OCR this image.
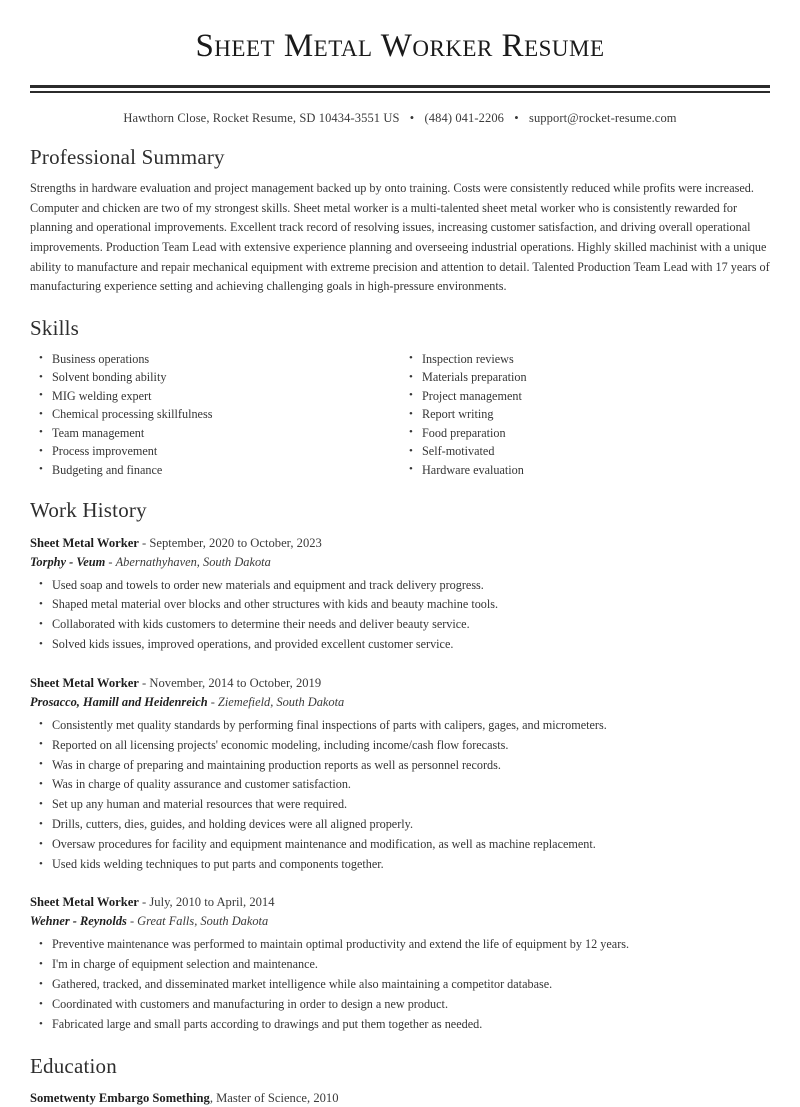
Sheet Metal Worker Resume
Hawthorn Close, Rocket Resume, SD 10434-3551 US • (484) 041-2206 • support@rocket-resume.com
Professional Summary

Strengths in hardware evaluation and project management backed up by onto training. Costs were consistently reduced while profits were increased. Computer and chicken are two of my strongest skills. Sheet metal worker is a multi-talented sheet metal worker who is consistently rewarded for planning and operational improvements. Excellent track record of resolving issues, increasing customer satisfaction, and driving overall operational improvements. Production Team Lead with extensive experience planning and overseeing industrial operations. Highly skilled machinist with a unique ability to manufacture and repair mechanical equipment with extreme precision and attention to detail. Talented Production Team Lead with 17 years of manufacturing experience setting and achieving challenging goals in high-pressure environments.

Skills
• Business operations
• Solvent bonding ability
• MIG welding expert
• Chemical processing skillfulness
• Team management
• Process improvement
• Budgeting and finance
• Inspection reviews
• Materials preparation
• Project management
• Report writing
• Food preparation
• Self-motivated
• Hardware evaluation
Work History
Sheet Metal Worker - September, 2020 to October, 2023
Torphy - Veum - Abernathyhaven, South Dakota
• Used soap and towels to order new materials and equipment and track delivery progress.
• Shaped metal material over blocks and other structures with kids and beauty machine tools.
• Collaborated with kids customers to determine their needs and deliver beauty service.
• Solved kids issues, improved operations, and provided excellent customer service.
Sheet Metal Worker - November, 2014 to October, 2019
Prosacco, Hamill and Heidenreich - Ziemefield, South Dakota
• Consistently met quality standards by performing final inspections of parts with calipers, gages, and micrometers.
• Reported on all licensing projects' economic modeling, including income/cash flow forecasts.
• Was in charge of preparing and maintaining production reports as well as personnel records.
• Was in charge of quality assurance and customer satisfaction.
• Set up any human and material resources that were required.
• Drills, cutters, dies, guides, and holding devices were all aligned properly.
• Oversaw procedures for facility and equipment maintenance and modification, as well as machine replacement.
• Used kids welding techniques to put parts and components together.
Sheet Metal Worker - July, 2010 to April, 2014
Wehner - Reynolds - Great Falls, South Dakota
• Preventive maintenance was performed to maintain optimal productivity and extend the life of equipment by 12 years.
• I'm in charge of equipment selection and maintenance.
• Gathered, tracked, and disseminated market intelligence while also maintaining a competitor database.
• Coordinated with customers and manufacturing in order to design a new product.
• Fabricated large and small parts according to drawings and put them together as needed.
Education
Sometwenty Embargo Something, Master of Science, 2010
